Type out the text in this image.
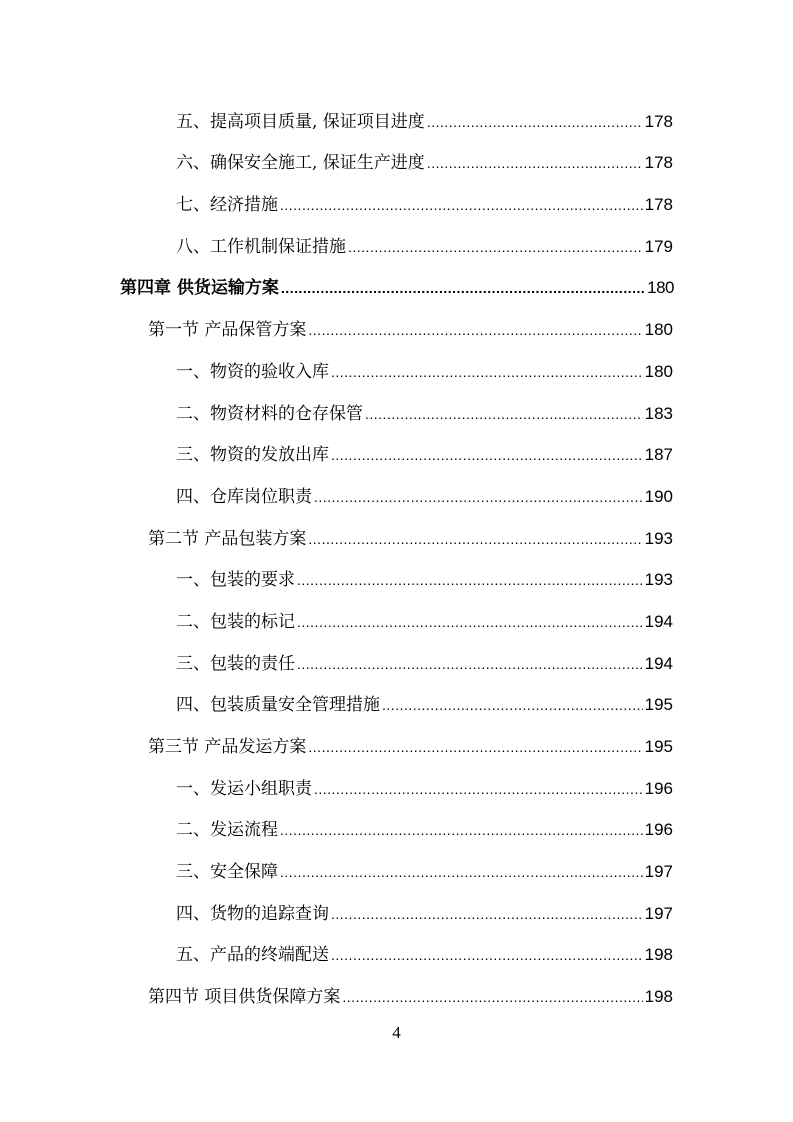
五、提高项目质量, 保证项目进度 .....	178
六、确保安全施工, 保证生产进度 .....	178
七、经济措施 .....	178
八、工作机制保证措施 .....	179
第四章 供货运输方案 .....	180
第一节 产品保管方案 .....	180
一、物资的验收入库 .....	180
二、物资材料的仓存保管 .....	183
三、物资的发放出库 .....	187
四、仓库岗位职责 .....	190
第二节 产品包装方案 .....	193
一、包装的要求 .....	193
二、包装的标记 .....	194
三、包装的责任 .....	194
四、包装质量安全管理措施 .....	195
第三节 产品发运方案 .....	195
一、发运小组职责 .....	196
二、发运流程 .....	196
三、安全保障 .....	197
四、货物的追踪查询 .....	197
五、产品的终端配送 .....	198
第四节 项目供货保障方案 .....	198
4
